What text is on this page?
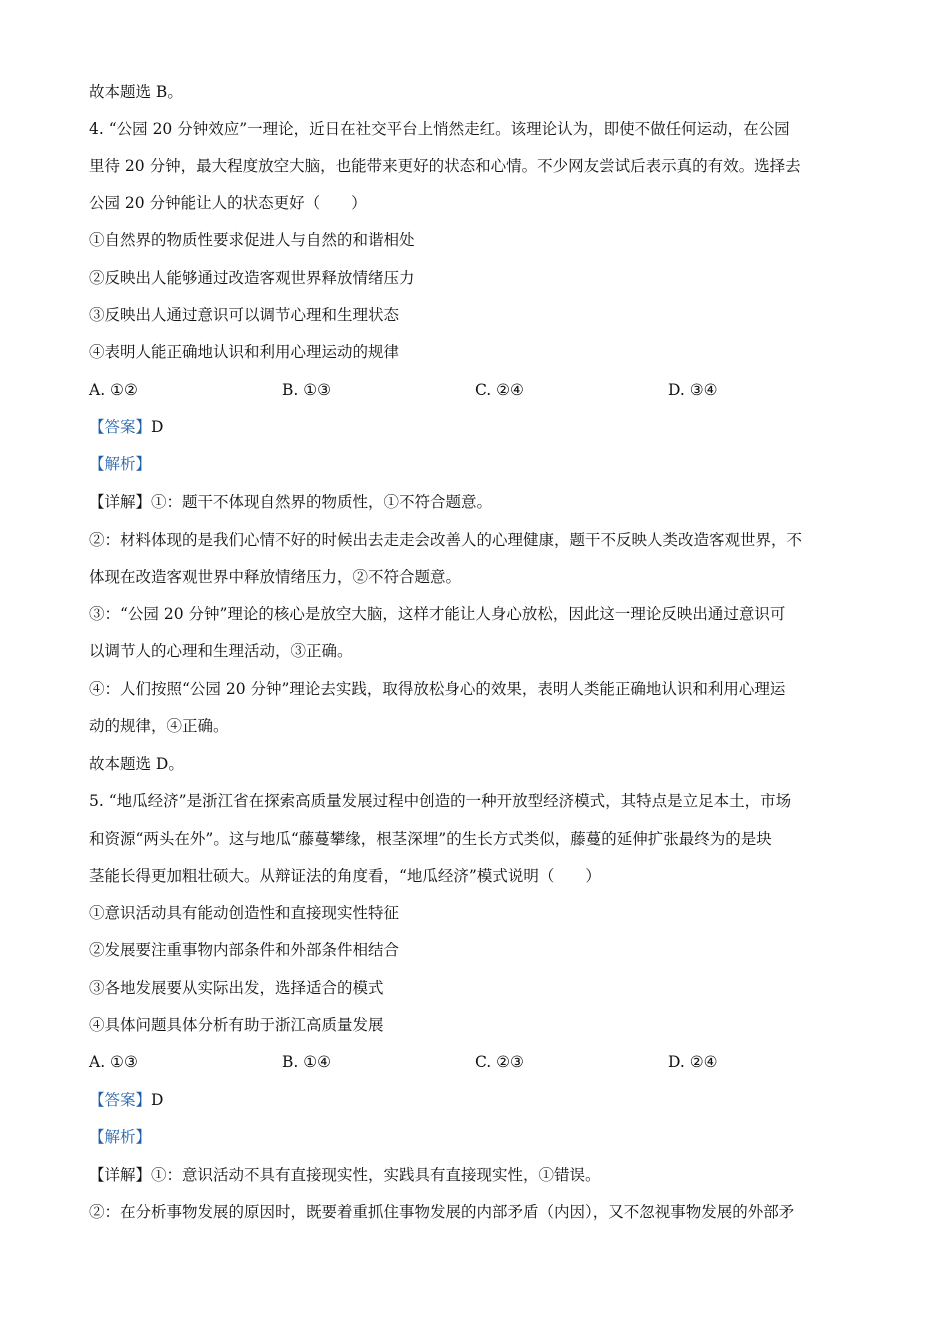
故本题选 B。
4. “公园 20 分钟效应”一理论，近日在社交平台上悄然走红。该理论认为，即使不做任何运动，在公园
里待 20 分钟，最大程度放空大脑，也能带来更好的状态和心情。不少网友尝试后表示真的有效。选择去
公园 20 分钟能让人的状态更好（　　）
①自然界的物质性要求促进人与自然的和谐相处
②反映出人能够通过改造客观世界释放情绪压力
③反映出人通过意识可以调节心理和生理状态
④表明人能正确地认识和利用心理运动的规律
A. ①②	B. ①③	C. ②④	D. ③④
【答案】D
【解析】
【详解】①：题干不体现自然界的物质性，①不符合题意。
②：材料体现的是我们心情不好的时候出去走走会改善人的心理健康，题干不反映人类改造客观世界，不
体现在改造客观世界中释放情绪压力，②不符合题意。
③：“公园 20 分钟”理论的核心是放空大脑，这样才能让人身心放松，因此这一理论反映出通过意识可
以调节人的心理和生理活动，③正确。
④：人们按照“公园 20 分钟”理论去实践，取得放松身心的效果，表明人类能正确地认识和利用心理运
动的规律，④正确。
故本题选 D。
5. “地瓜经济”是浙江省在探索高质量发展过程中创造的一种开放型经济模式，其特点是立足本土，市场
和资源“两头在外”。这与地瓜“藤蔓攀缘，根茎深埋”的生长方式类似，藤蔓的延伸扩张最终为的是块
茎能长得更加粗壮硕大。从辩证法的角度看，“地瓜经济”模式说明（　　）
①意识活动具有能动创造性和直接现实性特征
②发展要注重事物内部条件和外部条件相结合
③各地发展要从实际出发，选择适合的模式
④具体问题具体分析有助于浙江高质量发展
A. ①③	B. ①④	C. ②③	D. ②④
【答案】D
【解析】
【详解】①：意识活动不具有直接现实性，实践具有直接现实性，①错误。
②：在分析事物发展的原因时，既要着重抓住事物发展的内部矛盾（内因），又不忽视事物发展的外部矛
